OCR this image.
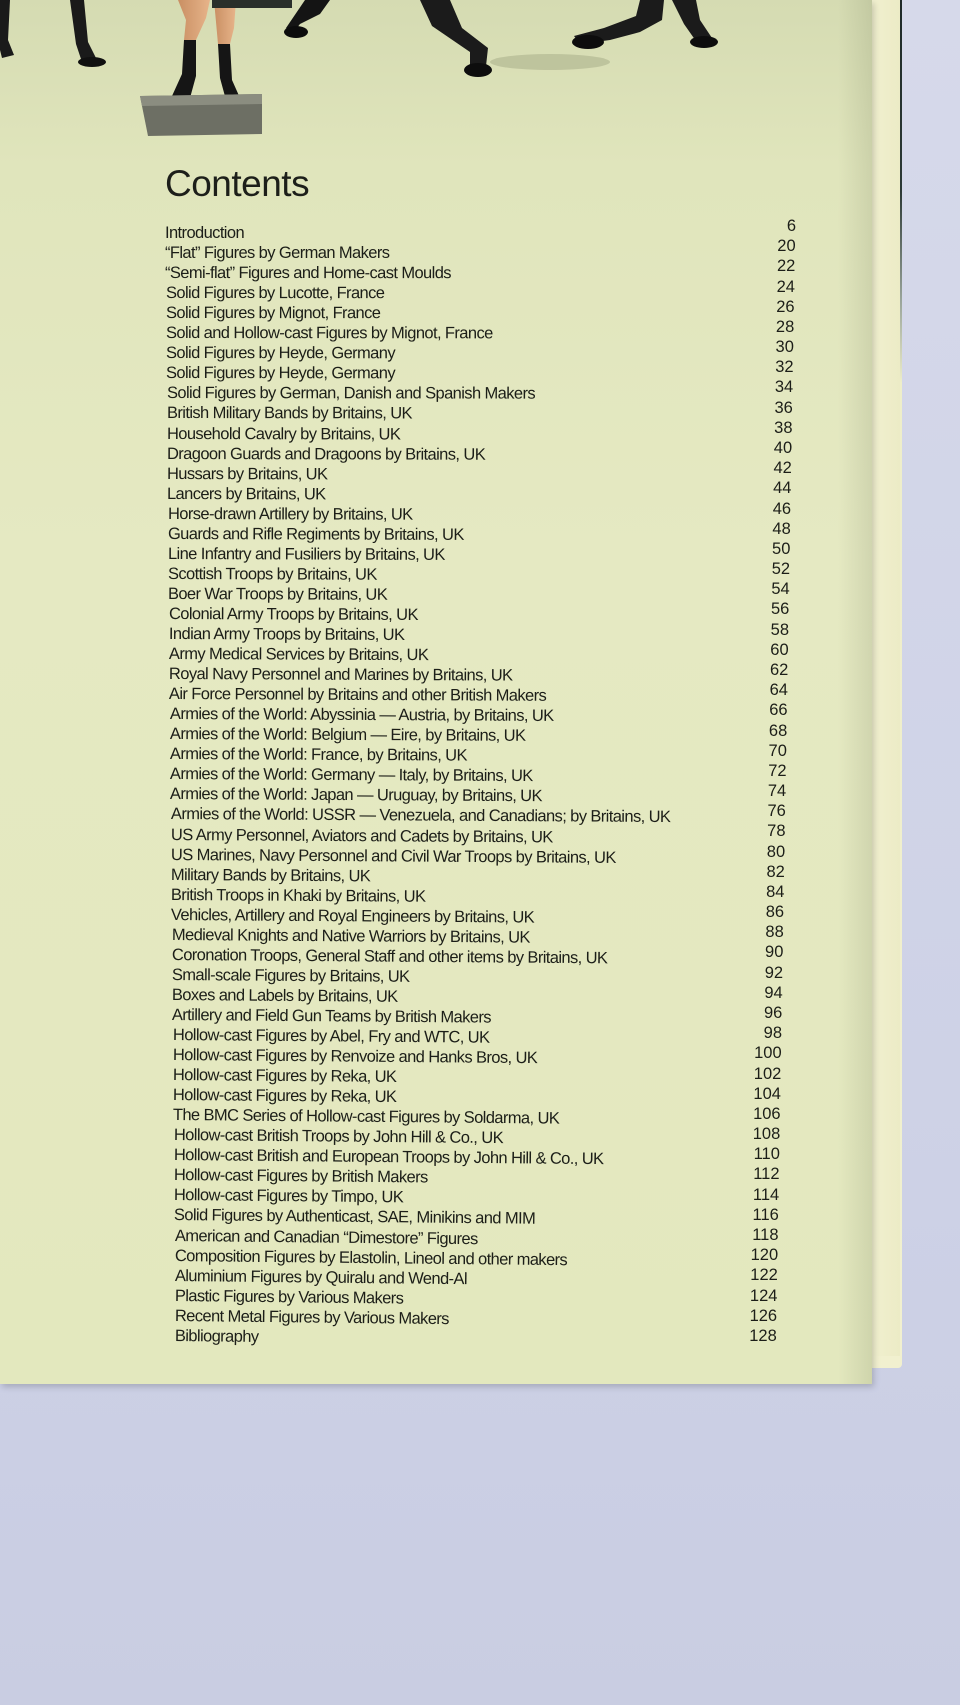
Contents
Introduction	6
“Flat” Figures by German Makers	20
“Semi-flat” Figures and Home-cast Moulds	22
Solid Figures by Lucotte, France	24
Solid Figures by Mignot, France	26
Solid and Hollow-cast Figures by Mignot, France	28
Solid Figures by Heyde, Germany	30
Solid Figures by Heyde, Germany	32
Solid Figures by German, Danish and Spanish Makers	34
British Military Bands by Britains, UK	36
Household Cavalry by Britains, UK	38
Dragoon Guards and Dragoons by Britains, UK	40
Hussars by Britains, UK	42
Lancers by Britains, UK	44
Horse-drawn Artillery by Britains, UK	46
Guards and Rifle Regiments by Britains, UK	48
Line Infantry and Fusiliers by Britains, UK	50
Scottish Troops by Britains, UK	52
Boer War Troops by Britains, UK	54
Colonial Army Troops by Britains, UK	56
Indian Army Troops by Britains, UK	58
Army Medical Services by Britains, UK	60
Royal Navy Personnel and Marines by Britains, UK	62
Air Force Personnel by Britains and other British Makers	64
Armies of the World: Abyssinia — Austria, by Britains, UK	66
Armies of the World: Belgium — Eire, by Britains, UK	68
Armies of the World: France, by Britains, UK	70
Armies of the World: Germany — Italy, by Britains, UK	72
Armies of the World: Japan — Uruguay, by Britains, UK	74
Armies of the World: USSR — Venezuela, and Canadians; by Britains, UK	76
US Army Personnel, Aviators and Cadets by Britains, UK	78
US Marines, Navy Personnel and Civil War Troops by Britains, UK	80
Military Bands by Britains, UK	82
British Troops in Khaki by Britains, UK	84
Vehicles, Artillery and Royal Engineers by Britains, UK	86
Medieval Knights and Native Warriors by Britains, UK	88
Coronation Troops, General Staff and other items by Britains, UK	90
Small-scale Figures by Britains, UK	92
Boxes and Labels by Britains, UK	94
Artillery and Field Gun Teams by British Makers	96
Hollow-cast Figures by Abel, Fry and WTC, UK	98
Hollow-cast Figures by Renvoize and Hanks Bros, UK	100
Hollow-cast Figures by Reka, UK	102
Hollow-cast Figures by Reka, UK	104
The BMC Series of Hollow-cast Figures by Soldarma, UK	106
Hollow-cast British Troops by John Hill & Co., UK	108
Hollow-cast British and European Troops by John Hill & Co., UK	110
Hollow-cast Figures by British Makers	112
Hollow-cast Figures by Timpo, UK	114
Solid Figures by Authenticast, SAE, Minikins and MIM	116
American and Canadian “Dimestore” Figures	118
Composition Figures by Elastolin, Lineol and other makers	120
Aluminium Figures by Quiralu and Wend-Al	122
Plastic Figures by Various Makers	124
Recent Metal Figures by Various Makers	126
Bibliography	128
